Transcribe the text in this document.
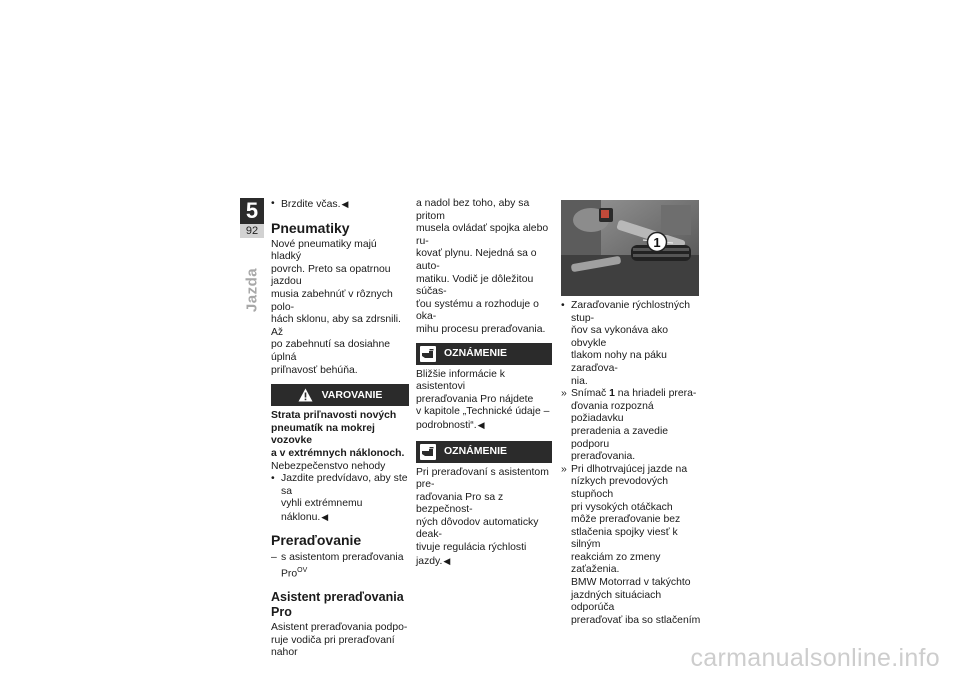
5
92
Jazda

• Brzdite včas.◀

Pneumatiky

Nové pneumatiky majú hladký
povrch. Preto sa opatrnou jazdou
musia zabehnúť v rôznych polo-
hách sklonu, aby sa zdrsnili. Až
po zabehnutí sa dosiahne úplná
priľnavosť behúňa.

VAROVANIE

Strata priľnavosti nových
pneumatík na mokrej vozovke
a v extrémnych náklonoch.

Nebezpečenstvo nehody

• Jazdite predvídavo, aby ste sa
vyhli extrémnemu náklonu.◀

Preraďovanie

– s asistentom preraďovania
Pro$^{OV}$

Asistent preraďovania Pro

Asistent preraďovania podpo-
ruje vodiča pri preraďovaní nahor

a nadol bez toho, aby sa pritom
musela ovládať spojka alebo ru-
kovať plynu. Nejedná sa o auto-
matiku. Vodič je dôležitou súčas-
ťou systému a rozhoduje o oka-
mihu procesu preraďovania.

OZNÁMENIE

Bližšie informácie k asistentovi
preraďovania Pro nájdete
v kapitole „Technické údaje –
podrobnosti“.◀

OZNÁMENIE

Pri preraďovaní s asistentom pre-
raďovania Pro sa z bezpečnost-
ných dôvodov automaticky deak-
tivuje regulácia rýchlosti jazdy.◀

1

• Zaraďovanie rýchlostných stup-
ňov sa vykonáva ako obvykle
tlakom nohy na páku zaraďova-
nia.

» Snímač 1 na hriadeli prera-
ďovania rozpozná požiadavku
preradenia a zavedie podporu
preraďovania.

» Pri dlhotrvajúcej jazde na
nízkych prevodových stupňoch
pri vysokých otáčkach
môže preraďovanie bez
stlačenia spojky viesť k silným
reakciám zo zmeny zaťaženia.
BMW Motorrad v takýchto
jazdných situáciach odporúča
preraďovať iba so stlačením

carmanualsonline.info
